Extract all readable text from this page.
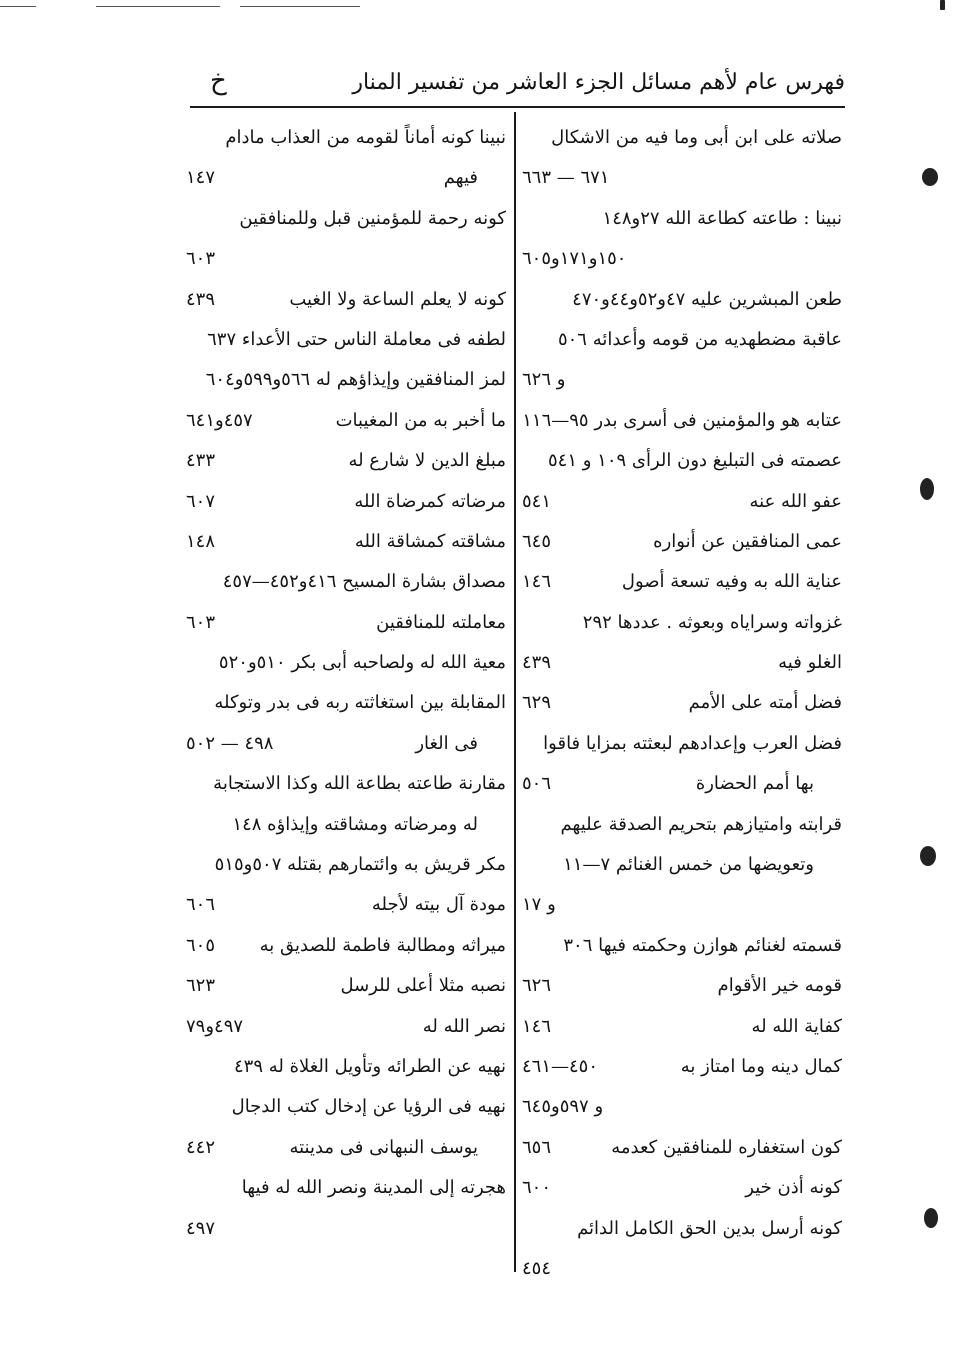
فهرس عام لأهم مسائل الجزء العاشر من تفسير المنار
خ
صلاته على ابن أبى وما فيه من الاشكال
٦٧١ — ٦٦٣
نبينا : طاعته كطاعة الله ٢٧و١٤٨
١٥٠و١٧١و٦٠٥
طعن المبشرين عليه ٤٧و٥٢و٤٤و٤٧٠
عاقبة مضطهديه من قومه وأعدائه ٥٠٦
و ٦٢٦
عتابه هو والمؤمنين فى أسرى بدر ٩٥—١١٦
عصمته فى التبليغ دون الرأى ١٠٩ و ٥٤١
عفو الله عنه
٥٤١
عمى المنافقين عن أنواره
٦٤٥
عناية الله به وفيه تسعة أصول
١٤٦
غزواته وسراياه وبعوثه . عددها ٢٩٢
الغلو فيه
٤٣٩
فضل أمته على الأمم
٦٢٩
فضل العرب وإعدادهم لبعثته بمزايا فاقوا
بها أمم الحضارة
٥٠٦
قرابته وامتيازهم بتحريم الصدقة عليهم
وتعويضها من خمس الغنائم ٧—١١
و ١٧
قسمته لغنائم هوازن وحكمته فيها ٣٠٦
قومه خير الأقوام
٦٢٦
كفاية الله له
١٤٦
كمال دينه وما امتاز به
٤٥٠—٤٦١
و ٥٩٧و٦٤٥
كون استغفاره للمنافقين كعدمه
٦٥٦
كونه أذن خير
٦٠٠
كونه أرسل بدين الحق الكامل الدائم
٤٥٤
نبينا كونه أماناً لقومه من العذاب مادام
فيهم
١٤٧
كونه رحمة للمؤمنين قبل وللمنافقين
٦٠٣
كونه لا يعلم الساعة ولا الغيب
٤٣٩
لطفه فى معاملة الناس حتى الأعداء ٦٣٧
لمز المنافقين وإيذاؤهم له ٥٦٦و٥٩٩و٦٠٤
ما أخبر به من المغيبات
٤٥٧و٦٤١
مبلغ الدين لا شارع له
٤٣٣
مرضاته كمرضاة الله
٦٠٧
مشاقته كمشاقة الله
١٤٨
مصداق بشارة المسيح ٤١٦و٤٥٢—٤٥٧
معاملته للمنافقين
٦٠٣
معية الله له ولصاحبه أبى بكر ٥١٠و٥٢٠
المقابلة بين استغاثته ربه فى بدر وتوكله
فى الغار
٤٩٨ — ٥٠٢
مقارنة طاعته بطاعة الله وكذا الاستجابة
له ومرضاته ومشاقته وإيذاؤه ١٤٨
مكر قريش به وائتمارهم بقتله ٥٠٧و٥١٥
مودة آل بيته لأجله
٦٠٦
ميراثه ومطالبة فاطمة للصديق به
٦٠٥
نصبه مثلا أعلى للرسل
٦٢٣
نصر الله له
٤٩٧و٧٩
نهيه عن الطرائه وتأويل الغلاة له ٤٣٩
نهيه فى الرؤيا عن إدخال كتب الدجال
يوسف النبهانى فى مدينته
٤٤٢
هجرته إلى المدينة ونصر الله له فيها
٤٩٧
